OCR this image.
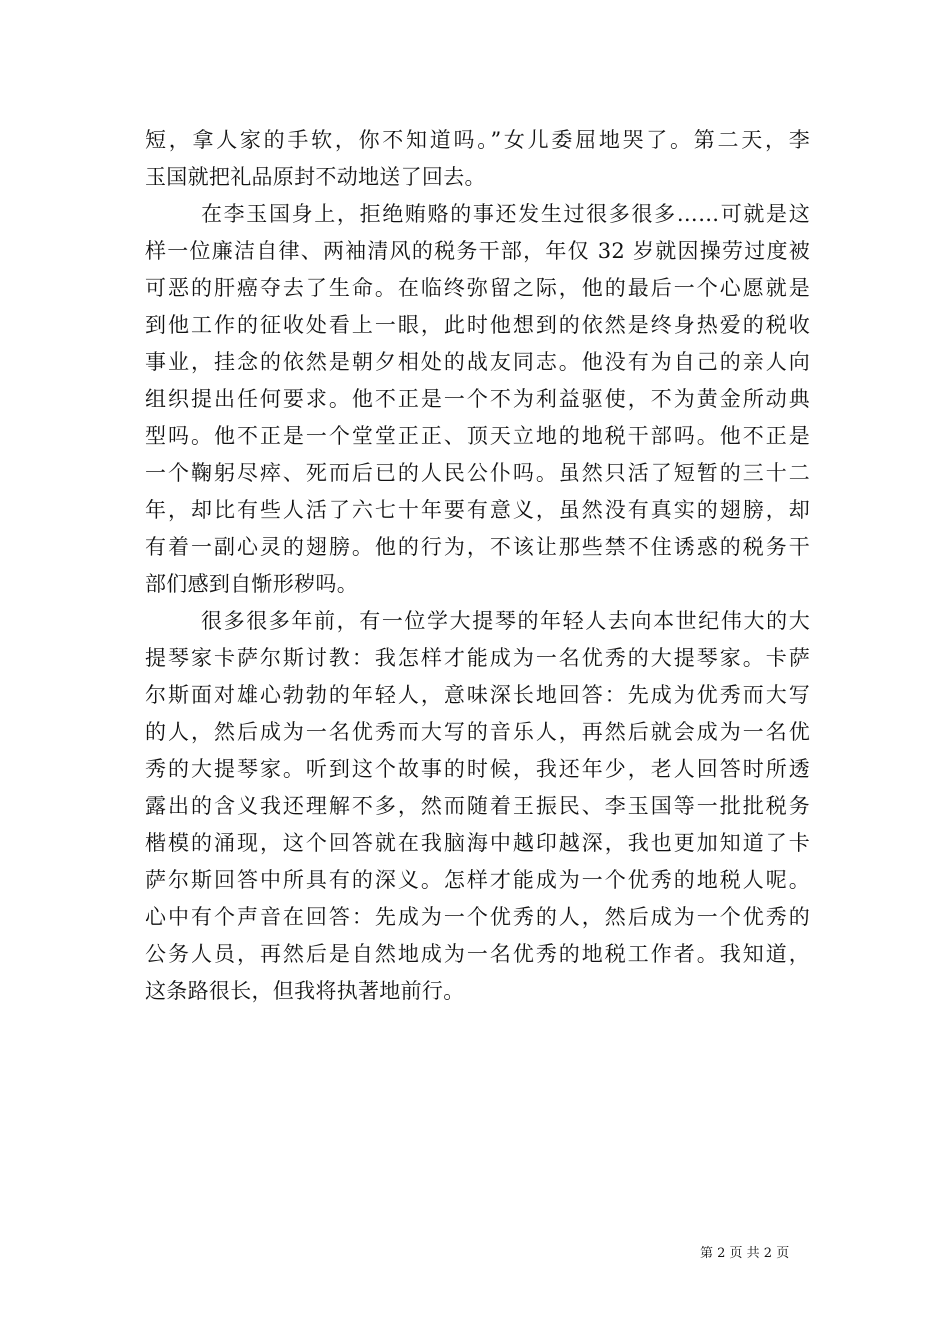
短，拿人家的手软，你不知道吗。”女儿委屈地哭了。第二天，李
玉国就把礼品原封不动地送了回去。
在李玉国身上，拒绝贿赂的事还发生过很多很多……可就是这
样一位廉洁自律、两袖清风的税务干部，年仅 32 岁就因操劳过度被
可恶的肝癌夺去了生命。在临终弥留之际，他的最后一个心愿就是
到他工作的征收处看上一眼，此时他想到的依然是终身热爱的税收
事业，挂念的依然是朝夕相处的战友同志。他没有为自己的亲人向
组织提出任何要求。他不正是一个不为利益驱使，不为黄金所动典
型吗。他不正是一个堂堂正正、顶天立地的地税干部吗。他不正是
一个鞠躬尽瘁、死而后已的人民公仆吗。虽然只活了短暂的三十二
年，却比有些人活了六七十年要有意义，虽然没有真实的翅膀，却
有着一副心灵的翅膀。他的行为，不该让那些禁不住诱惑的税务干
部们感到自惭形秽吗。
很多很多年前，有一位学大提琴的年轻人去向本世纪伟大的大
提琴家卡萨尔斯讨教：我怎样才能成为一名优秀的大提琴家。卡萨
尔斯面对雄心勃勃的年轻人，意味深长地回答：先成为优秀而大写
的人，然后成为一名优秀而大写的音乐人，再然后就会成为一名优
秀的大提琴家。听到这个故事的时候，我还年少，老人回答时所透
露出的含义我还理解不多，然而随着王振民、李玉国等一批批税务
楷模的涌现，这个回答就在我脑海中越印越深，我也更加知道了卡
萨尔斯回答中所具有的深义。怎样才能成为一个优秀的地税人呢。
心中有个声音在回答：先成为一个优秀的人，然后成为一个优秀的
公务人员，再然后是自然地成为一名优秀的地税工作者。我知道，
这条路很长，但我将执著地前行。
第 2 页 共 2 页
